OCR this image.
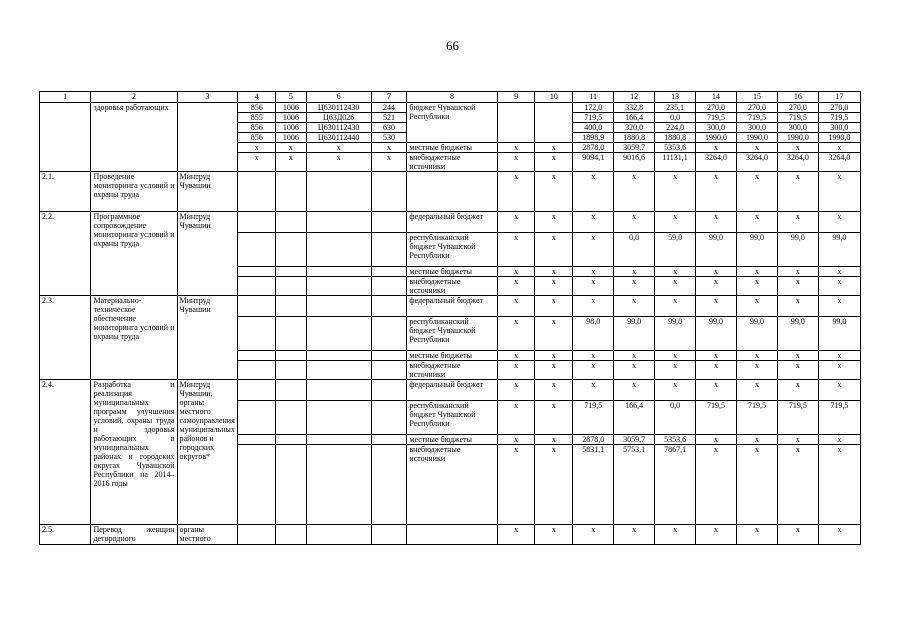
66
1	2	3	4	5	6	7	8	9	10	11	12	13	14	15	16	17
	здоровья работающих		856	1006	Ц630112430	244	бюджет Чувашской Республики			172,0	332,8	235,1	270,0	270,0	270,0	270,0
			855	1006	Ц63Д026	521				719,5	166,4	0,0	719,5	719,5	719,5	719,5
			856	1006	Ц630112430	630				400,0	320,0	224,0	300,0	300,0	300,0	300,0
			856	1006	Ц630112440	530				1898,9	1880,8	1880,8	1990,0	1990,0	1990,0	1990,0
			x	x	x	x	местные бюджеты	x	x	2878,0	3059,7	5353,6	x	x	x	x
			x	x	x	x	внебюджетные источники	x	x	9094,1	9016,6	11131,1	3264,0	3264,0	3264,0	3264,0
2.1.	Проведение мониторинга условий и охраны труда	Минтруд Чувашии						x	x	x	x	x	x	x	x	x
2.2.	Программное сопровождение мониторинга условий и охраны труда	Минтруд Чувашии					федеральный бюджет	x	x	x	x	x	x	x	x	x
							республиканский бюджет Чувашской Республики	x	x	x	0,0	59,0	99,0	99,0	99,0	99,0
							местные бюджеты	x	x	x	x	x	x	x	x	x
							внебюджетные источники	x	x	x	x	x	x	x	x	x
2.3.	Материально-техническое обеспечение мониторинга условий и охраны труда	Минтруд Чувашии					федеральный бюджет	x	x	x	x	x	x	x	x	x
							республиканский бюджет Чувашской Республики	x	x	98,0	99,0	99,0	99,0	99,0	99,0	99,0
							местные бюджеты	x	x	x	x	x	x	x	x	x
							внебюджетные источники	x	x	x	x	x	x	x	x	x
2.4.	Разработка и реализация муниципальных программ улучшения условий, охраны труда и здоровья работающих в муниципальных районах и городских округах Чувашской Республики на 2014–2016 годы	Минтруд Чувашии, органы местного самоуправления муниципальных районов и городских округов*					федеральный бюджет	x	x	x	x	x	x	x	x	x
							республиканский бюджет Чувашской Республики	x	x	719,5	166,4	0,0	719,5	719,5	719,5	719,5
							местные бюджеты	x	x	2878,0	3059,7	5353,6	x	x	x	x
							внебюджетные источники	x	x	5831,1	5753,1	7867,1	x	x	x	x
2.5.	Перевод женщин детородного	органы местного						x	x	x	x	x	x	x	x	x
